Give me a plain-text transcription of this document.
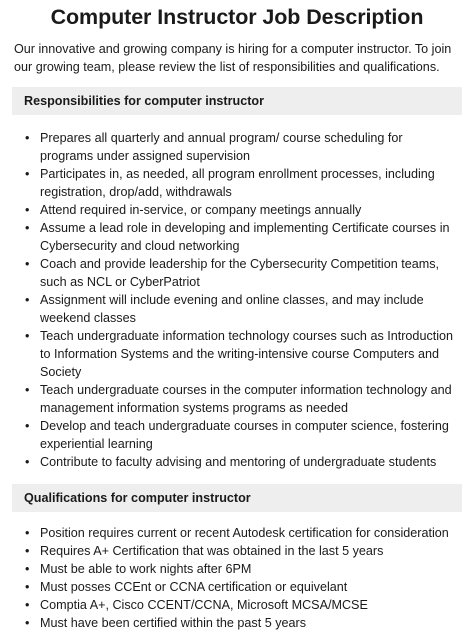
Computer Instructor Job Description

Our innovative and growing company is hiring for a computer instructor. To join our growing team, please review the list of responsibilities and qualifications.

Responsibilities for computer instructor
• Prepares all quarterly and annual program/ course scheduling for programs under assigned supervision
• Participates in, as needed, all program enrollment processes, including registration, drop/add, withdrawals
• Attend required in-service, or company meetings annually
• Assume a lead role in developing and implementing Certificate courses in Cybersecurity and cloud networking
• Coach and provide leadership for the Cybersecurity Competition teams, such as NCL or CyberPatriot
• Assignment will include evening and online classes, and may include weekend classes
• Teach undergraduate information technology courses such as Introduction to Information Systems and the writing-intensive course Computers and Society
• Teach undergraduate courses in the computer information technology and management information systems programs as needed
• Develop and teach undergraduate courses in computer science, fostering experiential learning
• Contribute to faculty advising and mentoring of undergraduate students
Qualifications for computer instructor
• Position requires current or recent Autodesk certification for consideration
• Requires A+ Certification that was obtained in the last 5 years
• Must be able to work nights after 6PM
• Must posses CCEnt or CCNA certification or equivelant
• Comptia A+, Cisco CCENT/CCNA, Microsoft MCSA/MCSE
• Must have been certified within the past 5 years
